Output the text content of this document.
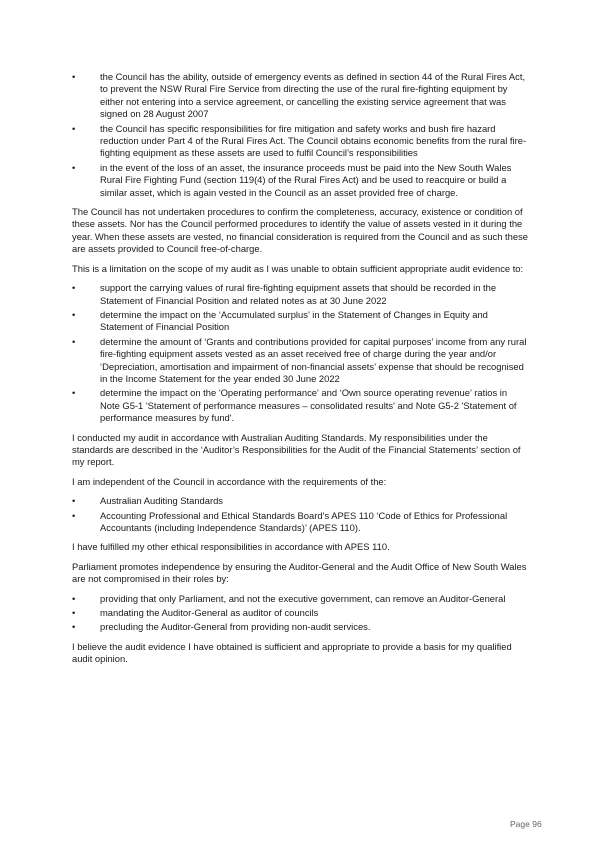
• the Council has the ability, outside of emergency events as defined in section 44 of the Rural Fires Act, to prevent the NSW Rural Fire Service from directing the use of the rural fire-fighting equipment by either not entering into a service agreement, or cancelling the existing service agreement that was signed on 28 August 2007
• the Council has specific responsibilities for fire mitigation and safety works and bush fire hazard reduction under Part 4 of the Rural Fires Act. The Council obtains economic benefits from the rural fire-fighting equipment as these assets are used to fulfil Council’s responsibilities
• in the event of the loss of an asset, the insurance proceeds must be paid into the New South Wales Rural Fire Fighting Fund (section 119(4) of the Rural Fires Act) and be used to reacquire or build a similar asset, which is again vested in the Council as an asset provided free of charge.

The Council has not undertaken procedures to confirm the completeness, accuracy, existence or condition of these assets. Nor has the Council performed procedures to identify the value of assets vested in it during the year. When these assets are vested, no financial consideration is required from the Council and as such these are assets provided to Council free-of-charge.

This is a limitation on the scope of my audit as I was unable to obtain sufficient appropriate audit evidence to:

• support the carrying values of rural fire-fighting equipment assets that should be recorded in the Statement of Financial Position and related notes as at 30 June 2022
• determine the impact on the ‘Accumulated surplus’ in the Statement of Changes in Equity and Statement of Financial Position
• determine the amount of ‘Grants and contributions provided for capital purposes’ income from any rural fire-fighting equipment assets vested as an asset received free of charge during the year and/or ‘Depreciation, amortisation and impairment of non-financial assets’ expense that should be recognised in the Income Statement for the year ended 30 June 2022
• determine the impact on the 'Operating performance' and ‘Own source operating revenue’ ratios in Note G5-1 'Statement of performance measures – consolidated results' and Note G5-2 'Statement of performance measures by fund'.

I conducted my audit in accordance with Australian Auditing Standards. My responsibilities under the standards are described in the ‘Auditor’s Responsibilities for the Audit of the Financial Statements’ section of my report.

I am independent of the Council in accordance with the requirements of the:

• Australian Auditing Standards
• Accounting Professional and Ethical Standards Board’s APES 110 ‘Code of Ethics for Professional Accountants (including Independence Standards)’ (APES 110).

I have fulfilled my other ethical responsibilities in accordance with APES 110.

Parliament promotes independence by ensuring the Auditor-General and the Audit Office of New South Wales are not compromised in their roles by:

• providing that only Parliament, and not the executive government, can remove an Auditor-General
• mandating the Auditor-General as auditor of councils
• precluding the Auditor-General from providing non-audit services.

I believe the audit evidence I have obtained is sufficient and appropriate to provide a basis for my qualified audit opinion.

Page 96
